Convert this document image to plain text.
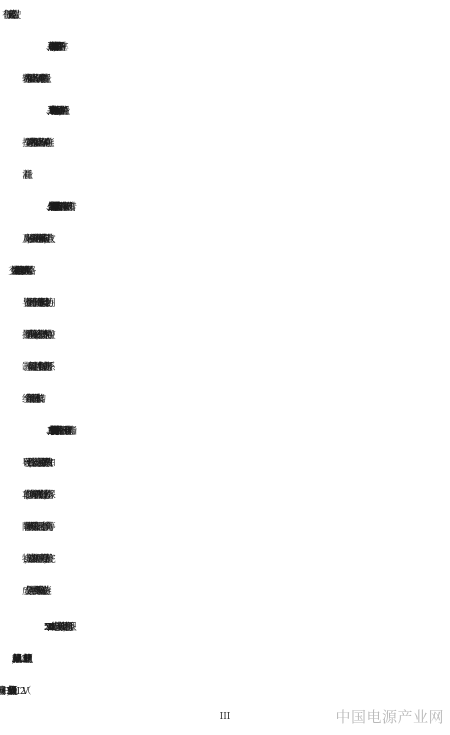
有行驶工况实现自动驾驶。
10、平均油耗：即“平均燃料消耗量”，是按车型对应车
辆数量加权计算得出的一组车辆的平均燃料消耗量。
11、平均电耗：即“纯电动乘用车平均电能消耗量”，是
按车型对应车辆数量加权计算得出的一组车辆的平均电能
消耗量。
12、信息物理系统架构：是指面向未来智能网联汽车普
及应用环境，从多维视角进行分析和系统重构设计，重点攻
克“车-路-云”交互关键数据提取与分级处理、实时服务策略
与资源优化、跨行业和部门间海量异构数据同步交互、协同
控制系统建模与验证等关键技术，构建支持汽车实时协同控
制、基于业务可灵活定制、技术中立可持续演进、服务于系
统全生命周期管理的设计方法和架构。
13、车载智能计算平台：是指根据异构分布硬件架构指
导硬件平台设计，装载运行自动驾驶操作系统的系统软件和
功能软件，向上支撑应用软件开发的车载计算平台，能够保
障智能网联汽车系统可靠、运行实时、分布弹性、高算力等
特点，实现感知、规划、控制、网联、云控等功能，最终完
成安全、实时、可扩展的多等级自动驾驶核心功能。
是指车载单元与其他设备通讯，包括但不限
III	中国电源产业网
